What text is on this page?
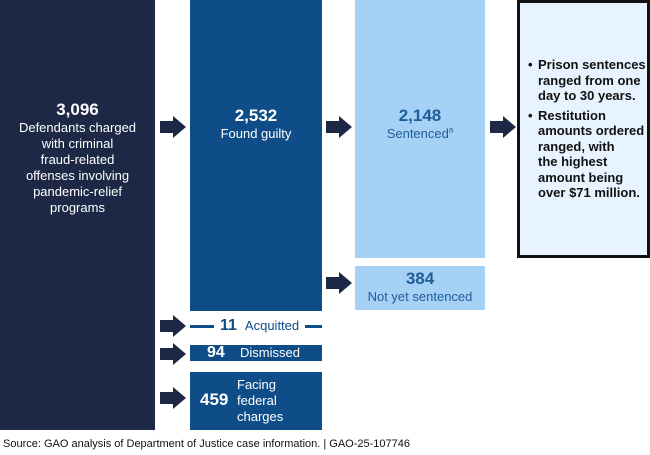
3,096
Defendants charged
with criminal
fraud-related
offenses involving
pandemic-relief
programs
2,532
Found guilty
2,148
Sentenced$^a$
384
Not yet sentenced
• Prison sentences
ranged from one
day to 30 years.
• Restitution
amounts ordered
ranged, with
the highest
amount being
over $71 million.
11 Acquitted
94 Dismissed
459
Facing
federal
charges
Source: GAO analysis of Department of Justice case information. | GAO-25-107746
